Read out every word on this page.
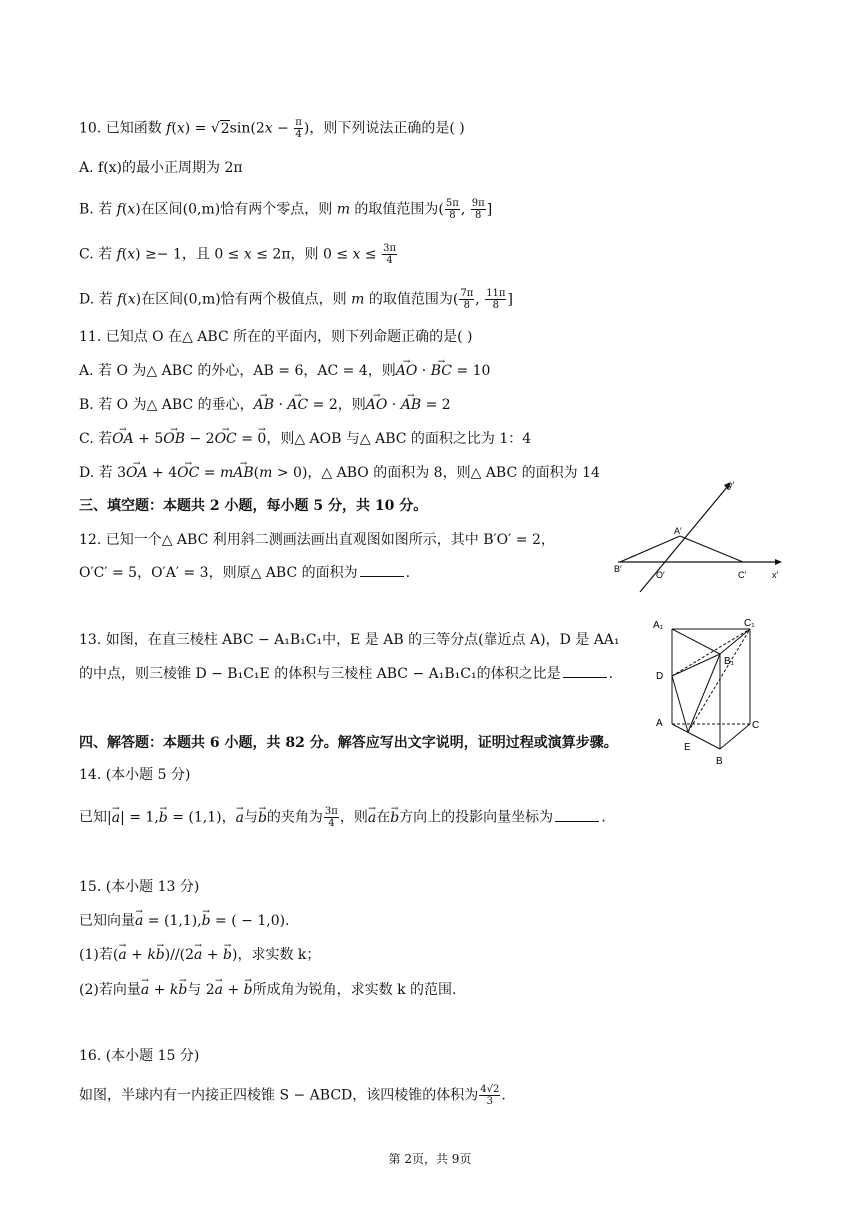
10. 已知函数 $f(x) = √2\sin(2x - \frac{\pi}{4}$ )，则下列说法正确的是( )
A. f(x)的最小正周期为 2π
B. 若 f(x)在区间(0,m)恰有两个零点，则 m 的取值范围为( $\frac{5\pi}{8}$ , $\frac{9\pi}{8}$ ]
C. 若 f(x) ≥− 1，且 0 ≤ x ≤ 2π，则 $0 \le x \le \frac{3\pi}{4}$
D. 若 f(x)在区间(0,m)恰有两个极值点，则 m 的取值范围为( $\frac{7\pi}{8}$ , $\frac{11\pi}{8}$ ]
11. 已知点 O 在△ ABC 所在的平面内，则下列命题正确的是( )
A. 若 O 为△ ABC 的外心，AB = 6，AC = 4，则→ AO · → BC = 10
B. 若 O 为△ ABC 的垂心，→ AB · → AC = 2，则→ AO · → AB = 2
C. 若→ OA + 5→ OB − 2→ OC = → 0，则△ AOB 与△ ABC 的面积之比为 1：4
D. 若 3→ OA + 4→ OC = m→ AB(m > 0)，△ ABO 的面积为 8，则△ ABC 的面积为 14
三、填空题：本题共 2 小题，每小题 5 分，共 10 分。
12. 已知一个△ ABC 利用斜二测画法画出直观图如图所示，其中 B′O′ = 2，
O′C′ = 5，O′A′ = 3，则原△ ABC 的面积为	.
y′
x′
A′
B′
O′	C′
13. 如图，在直三棱柱 ABC − A₁B₁C₁中，E 是 AB 的三等分点(靠近点 A)，D 是 AA₁
的中点，则三棱锥 D − B₁C₁E 的体积与三棱柱 ABC − A₁B₁C₁的体积之比是	.
A₁	C₁
B₁
D
A	C
E
B
四、解答题：本题共 6 小题，共 82 分。解答应写出文字说明，证明过程或演算步骤。
14. (本小题 5 分)
已知|→ a| = 1,→ b = (1,1)，→ a与→ b的夹角为 $\frac{3\pi}{4}$ ，则→ a在→ b方向上的投影向量坐标为	.
15. (本小题 13 分)
已知向量→ a = (1,1),→ b = ( − 1,0).
(1)若(→ a + k→ b)//(2→ a + → b)，求实数 k；
(2)若向量→ a + k→ b与 2→ a + → b所成角为锐角，求实数 k 的范围.
16. (本小题 15 分)
如图，半球内有一内接正四棱锥 S − ABCD，该四棱锥的体积为 $\frac{4√2}{3}$ .
第 2页，共 9页
